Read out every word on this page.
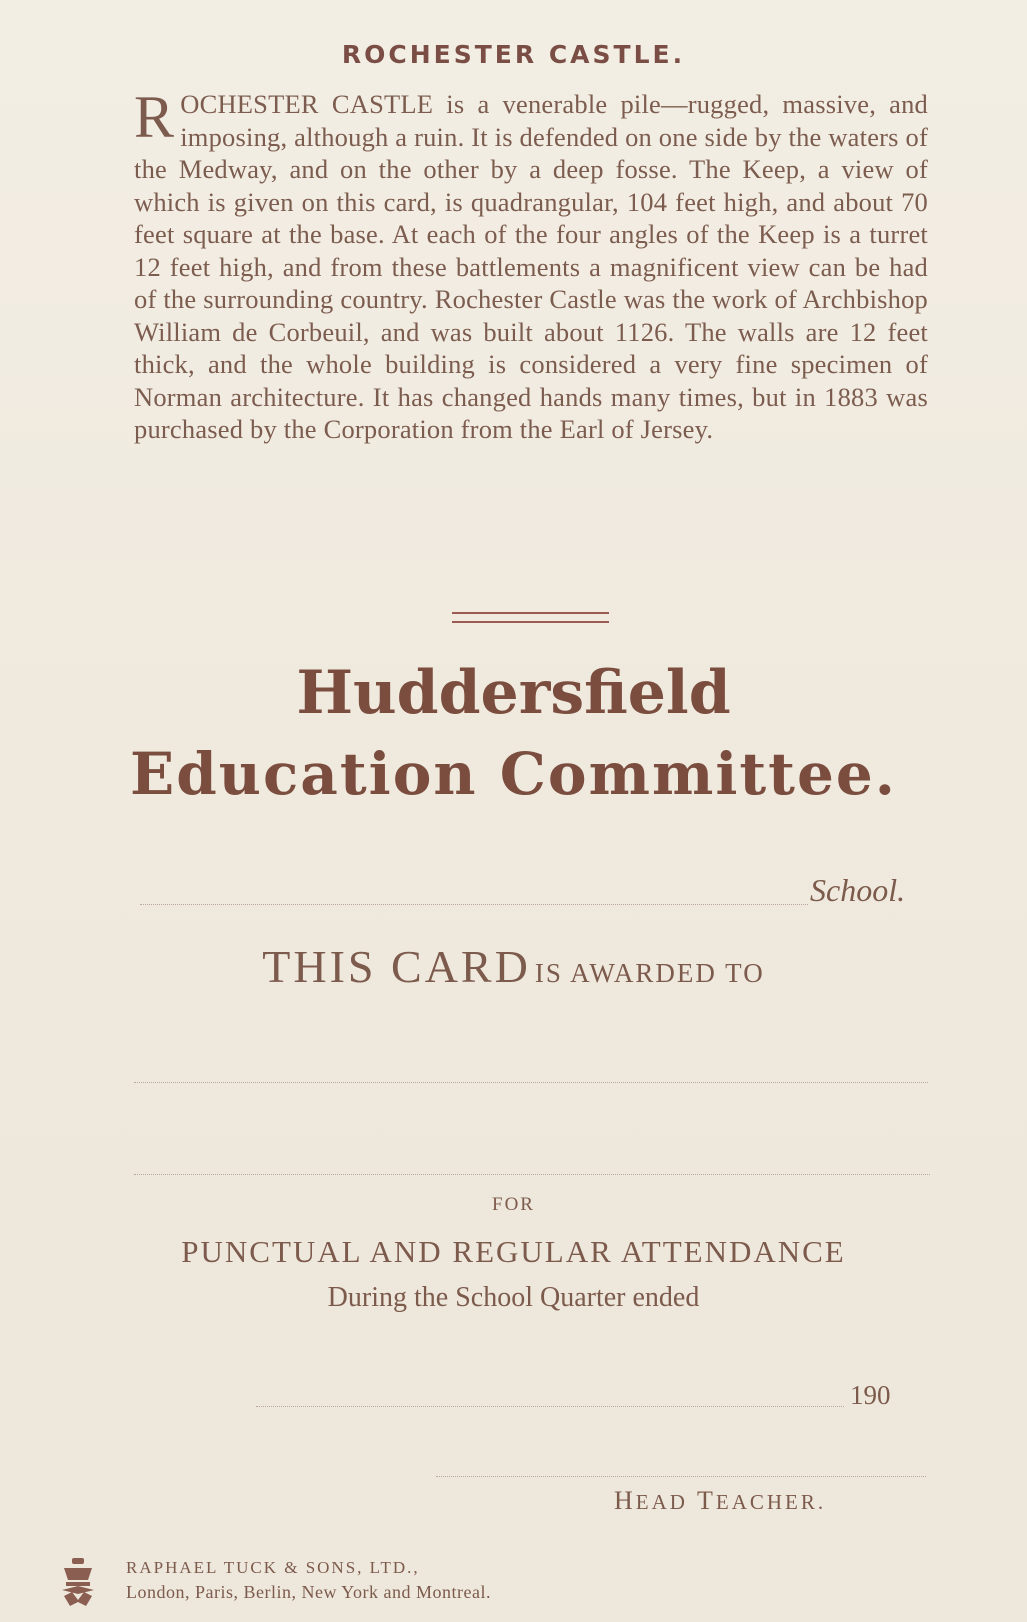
ROCHESTER CASTLE.
ROCHESTER CASTLE is a venerable pile—rugged, massive, and imposing, although a ruin. It is defended on one side by the waters of the Medway, and on the other by a deep fosse. The Keep, a view of which is given on this card, is quadrangular, 104 feet high, and about 70 feet square at the base. At each of the four angles of the Keep is a turret 12 feet high, and from these battlements a magnificent view can be had of the surrounding country. Rochester Castle was the work of Archbishop William de Corbeuil, and was built about 1126. The walls are 12 feet thick, and the whole building is considered a very fine specimen of Norman architecture. It has changed hands many times, but in 1883 was purchased by the Corporation from the Earl of Jersey.
Huddersfield
Education Committee.
School.
THIS CARD IS AWARDED TO
FOR
PUNCTUAL AND REGULAR ATTENDANCE
During the School Quarter ended
190
HEAD TEACHER.
RAPHAEL TUCK & SONS, LTD.,
London, Paris, Berlin, New York and Montreal.
